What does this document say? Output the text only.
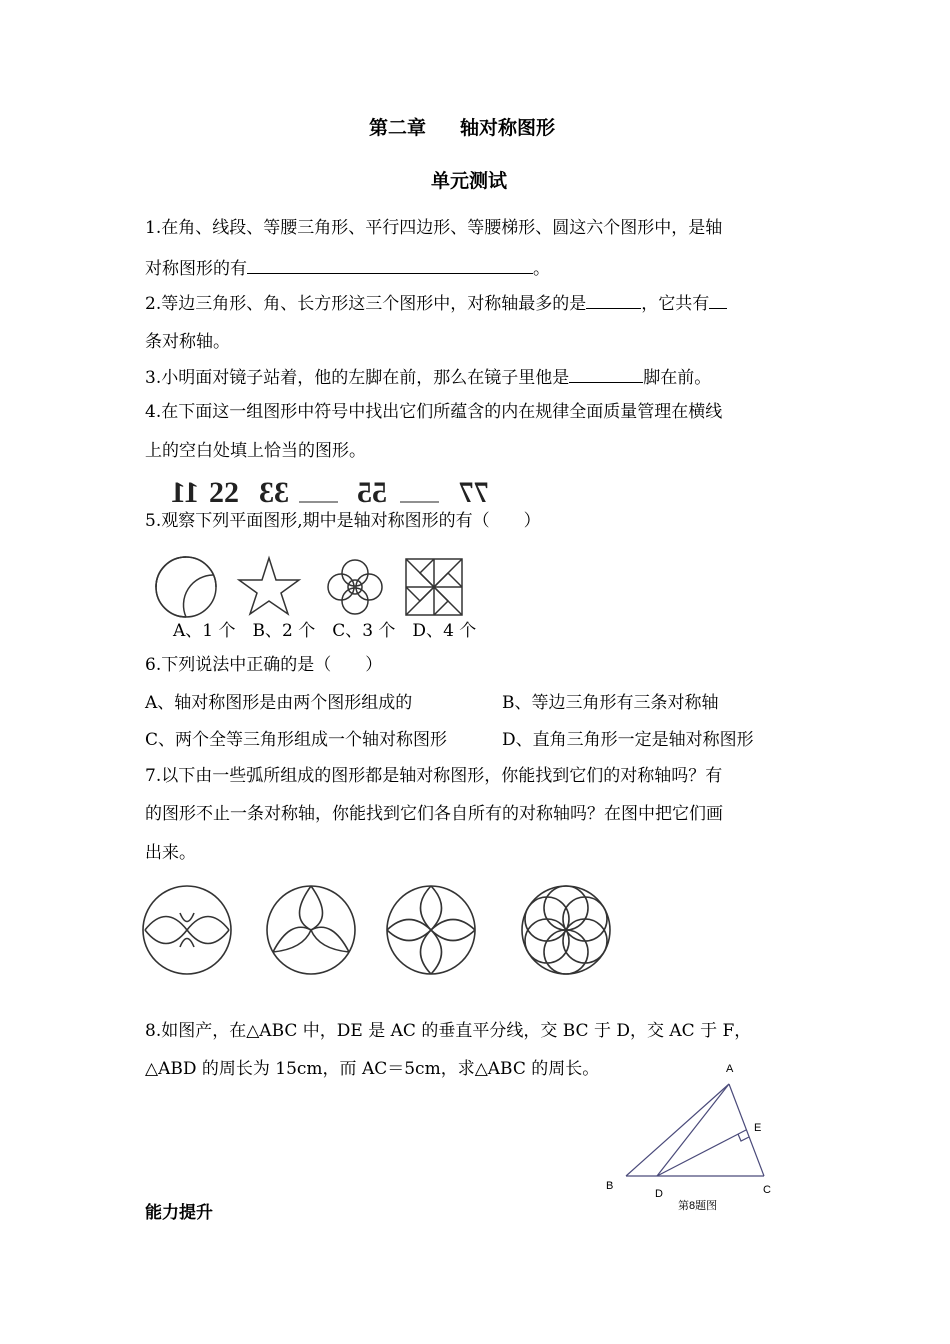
第二章 轴对称图形
单元测试
1.在角、线段、等腰三角形、平行四边形、等腰梯形、圆这六个图形中，是轴
对称图形的有	。
2.等边三角形、角、长方形这三个图形中，对称轴最多的是	，它共有
条对称轴。
3.小明面对镜子站着，他的左脚在前，那么在镜子里他是	脚在前。
4.在下面这一组图形中符号中找出它们所蕴含的内在规律全面质量管理在横线
上的空白处填上恰当的图形。
11 22 33 55 77
5.观察下列平面图形,期中是轴对称图形的有（　　）
A、1 个　B、2 个　C、3 个　D、4 个
6.下列说法中正确的是（　　）
A、轴对称图形是由两个图形组成的	B、等边三角形有三条对称轴
C、两个全等三角形组成一个轴对称图形	D、直角三角形一定是轴对称图形
7.以下由一些弧所组成的图形都是轴对称图形，你能找到它们的对称轴吗？有
的图形不止一条对称轴，你能找到它们各自所有的对称轴吗？在图中把它们画
出来。
8.如图产，在△ABC 中，DE 是 AC 的垂直平分线，交 BC 于 D，交 AC 于 F，
△ABD 的周长为 15cm，而 AC＝5cm，求△ABC 的周长。	A
E
B
D	C
第8题图
能力提升
